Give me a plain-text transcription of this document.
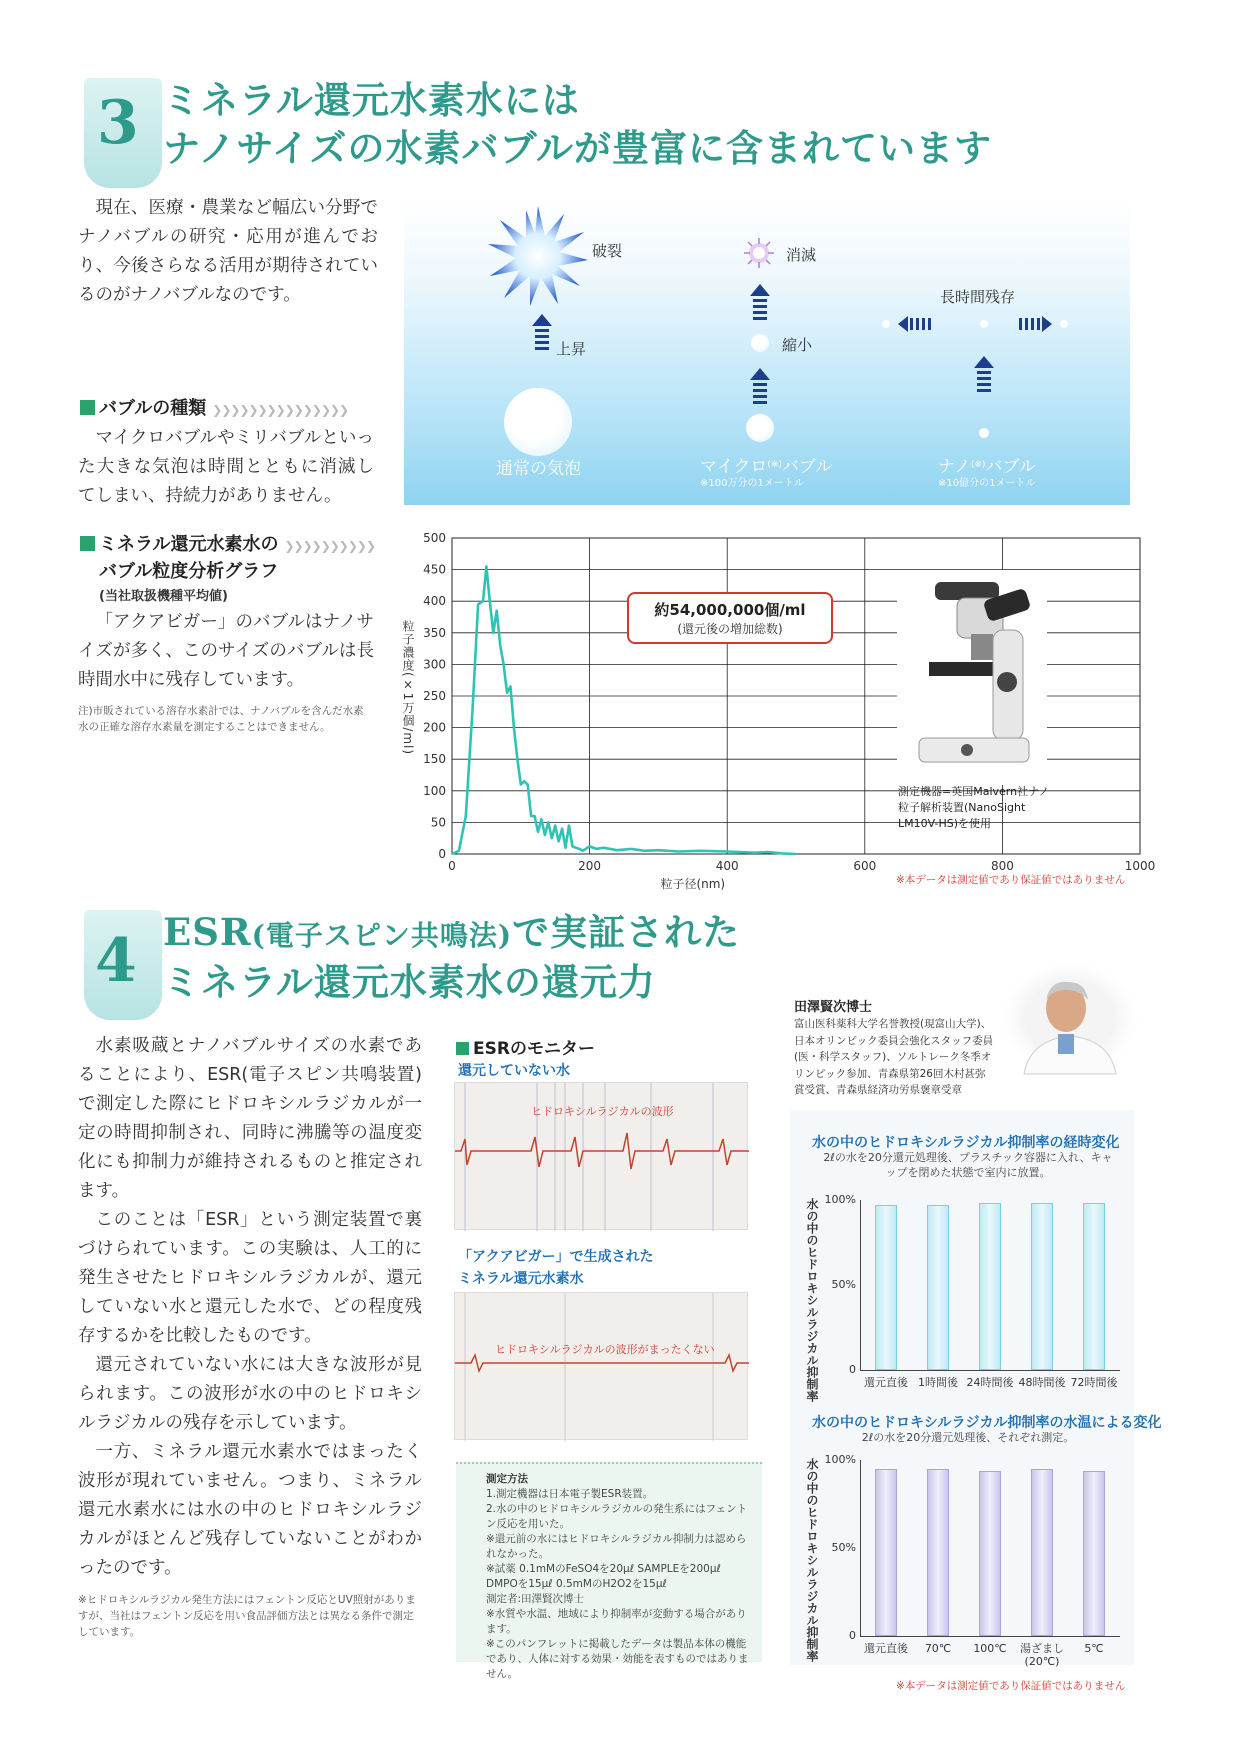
3 ミネラル還元水素水には
ナノサイズの水素バブルが豊富に含まれています

現在、医療・農業など幅広い分野でナノバブルの研究・応用が進んでおり、今後さらなる活用が期待されているのがナノバブルなのです。

バブルの種類 ❯❯❯❯❯❯❯❯❯❯❯❯❯❯❯

マイクロバブルやミリバブルといった大きな気泡は時間とともに消滅してしまい、持続力がありません。

ミネラル還元水素水の ❯❯❯❯❯❯❯❯❯❯
バブル粒度分析グラフ
(当社取扱機種平均値)

「アクアビガー」のバブルはナノサイズが多く、このサイズのバブルは長時間水中に残存しています。

注)市販されている溶存水素計では、ナノバブルを含んだ水素水の正確な溶存水素量を測定することはできません。
破裂
上昇
通常の気泡
消滅
縮小
マイクロ(※)バブル
※100万分の1メートル
長時間残存
ナノ(※)バブル
※10億分の1メートル
0
50
100
150
200
250
300
350
400
450
500
0	200	400	600	800	1000
粒子径(nm)
粒子濃度(×1万個/ml)
約54,000,000個/ml
(還元後の増加総数)
測定機器=英国Malvern社ナノ粒子解析装置(NanoSight LM10V-HS)を使用
※本データは測定値であり保証値ではありません
4 ESR(電子スピン共鳴法)で実証された
ミネラル還元水素水の還元力
田澤賢次博士
富山医科薬科大学名誉教授(現富山大学)、日本オリンピック委員会強化スタッフ委員(医・科学スタッフ)、ソルトレーク冬季オリンピック参加、青森県第26回木村甚弥賞受賞、青森県経済功労県褒章受章

水素吸蔵とナノバブルサイズの水素であることにより、ESR(電子スピン共鳴装置)で測定した際にヒドロキシルラジカルが一定の時間抑制され、同時に沸騰等の温度変化にも抑制力が維持されるものと推定されます。

このことは「ESR」という測定装置で裏づけられています。この実験は、人工的に発生させたヒドロキシルラジカルが、還元していない水と還元した水で、どの程度残存するかを比較したものです。

還元されていない水には大きな波形が見られます。この波形が水の中のヒドロキシルラジカルの残存を示しています。

一方、ミネラル還元水素水ではまったく波形が現れていません。つまり、ミネラル還元水素水には水の中のヒドロキシルラジカルがほとんど残存していないことがわかったのです。

※ヒドロキシルラジカル発生方法にはフェントン反応とUV照射がありますが、当社はフェントン反応を用い食品評価方法とは異なる条件で測定しています。
ESRのモニター
還元していない水
ヒドロキシルラジカルの波形
「アクアビガー」で生成された
ミネラル還元水素水
ヒドロキシルラジカルの波形がまったくない
測定方法
1.測定機器は日本電子製ESR装置。
2.水の中のヒドロキシルラジカルの発生系にはフェントン反応を用いた。
※還元前の水にはヒドロキシルラジカル抑制力は認められなかった。
※試薬 0.1mMのFeSO4を20μℓ SAMPLEを200μℓ DMPOを15μℓ 0.5mMのH2O2を15μℓ
測定者:田澤賢次博士
※水質や水温、地域により抑制率が変動する場合があります。
※このパンフレットに掲載したデータは製品本体の機能であり、人体に対する効果・効能を表すものではありません。
水の中のヒドロキシルラジカル抑制率の経時変化
2ℓの水を20分還元処理後、プラスチック容器に入れ、キャップを閉めた状態で室内に放置。
水の中のヒドロキシルラジカル抑制率	0
50%
100%
還元直後 1時間後 24時間後 48時間後 72時間後
水の中のヒドロキシルラジカル抑制率の水温による変化
2ℓの水を20分還元処理後、それぞれ測定。
水の中のヒドロキシルラジカル抑制率	0
50%
100%
還元直後	70℃	100℃	湯ざまし(20℃)
5℃
※本データは測定値であり保証値ではありません
